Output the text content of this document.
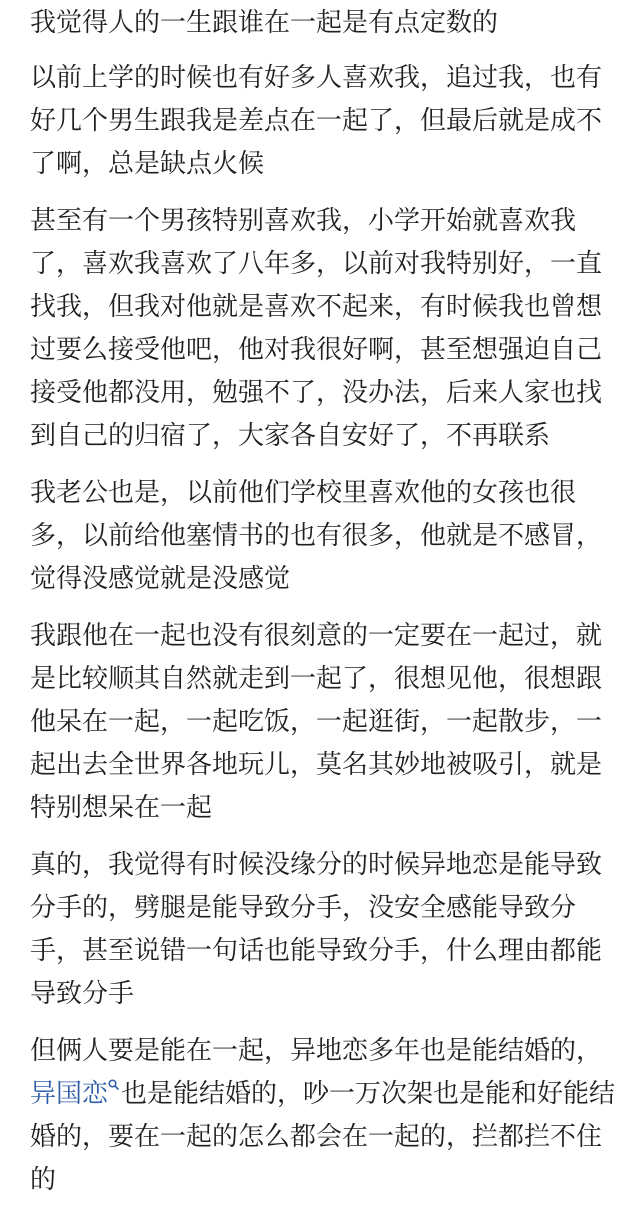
我觉得人的一生跟谁在一起是有点定数的

以前上学的时候也有好多人喜欢我，追过我，也有好几个男生跟我是差点在一起了，但最后就是成不了啊，总是缺点火候

甚至有一个男孩特别喜欢我，小学开始就喜欢我了，喜欢我喜欢了八年多，以前对我特别好，一直找我，但我对他就是喜欢不起来，有时候我也曾想过要么接受他吧，他对我很好啊，甚至想强迫自己接受他都没用，勉强不了，没办法，后来人家也找到自己的归宿了，大家各自安好了，不再联系

我老公也是，以前他们学校里喜欢他的女孩也很多，以前给他塞情书的也有很多，他就是不感冒，觉得没感觉就是没感觉

我跟他在一起也没有很刻意的一定要在一起过，就是比较顺其自然就走到一起了，很想见他，很想跟他呆在一起，一起吃饭，一起逛街，一起散步，一起出去全世界各地玩儿，莫名其妙地被吸引，就是特别想呆在一起

真的，我觉得有时候没缘分的时候异地恋是能导致分手的，劈腿是能导致分手，没安全感能导致分手，甚至说错一句话也能导致分手，什么理由都能导致分手

但俩人要是能在一起，异地恋多年也是能结婚的，异国恋 也是能结婚的，吵一万次架也是能和好能结婚的，要在一起的怎么都会在一起的，拦都拦不住的
